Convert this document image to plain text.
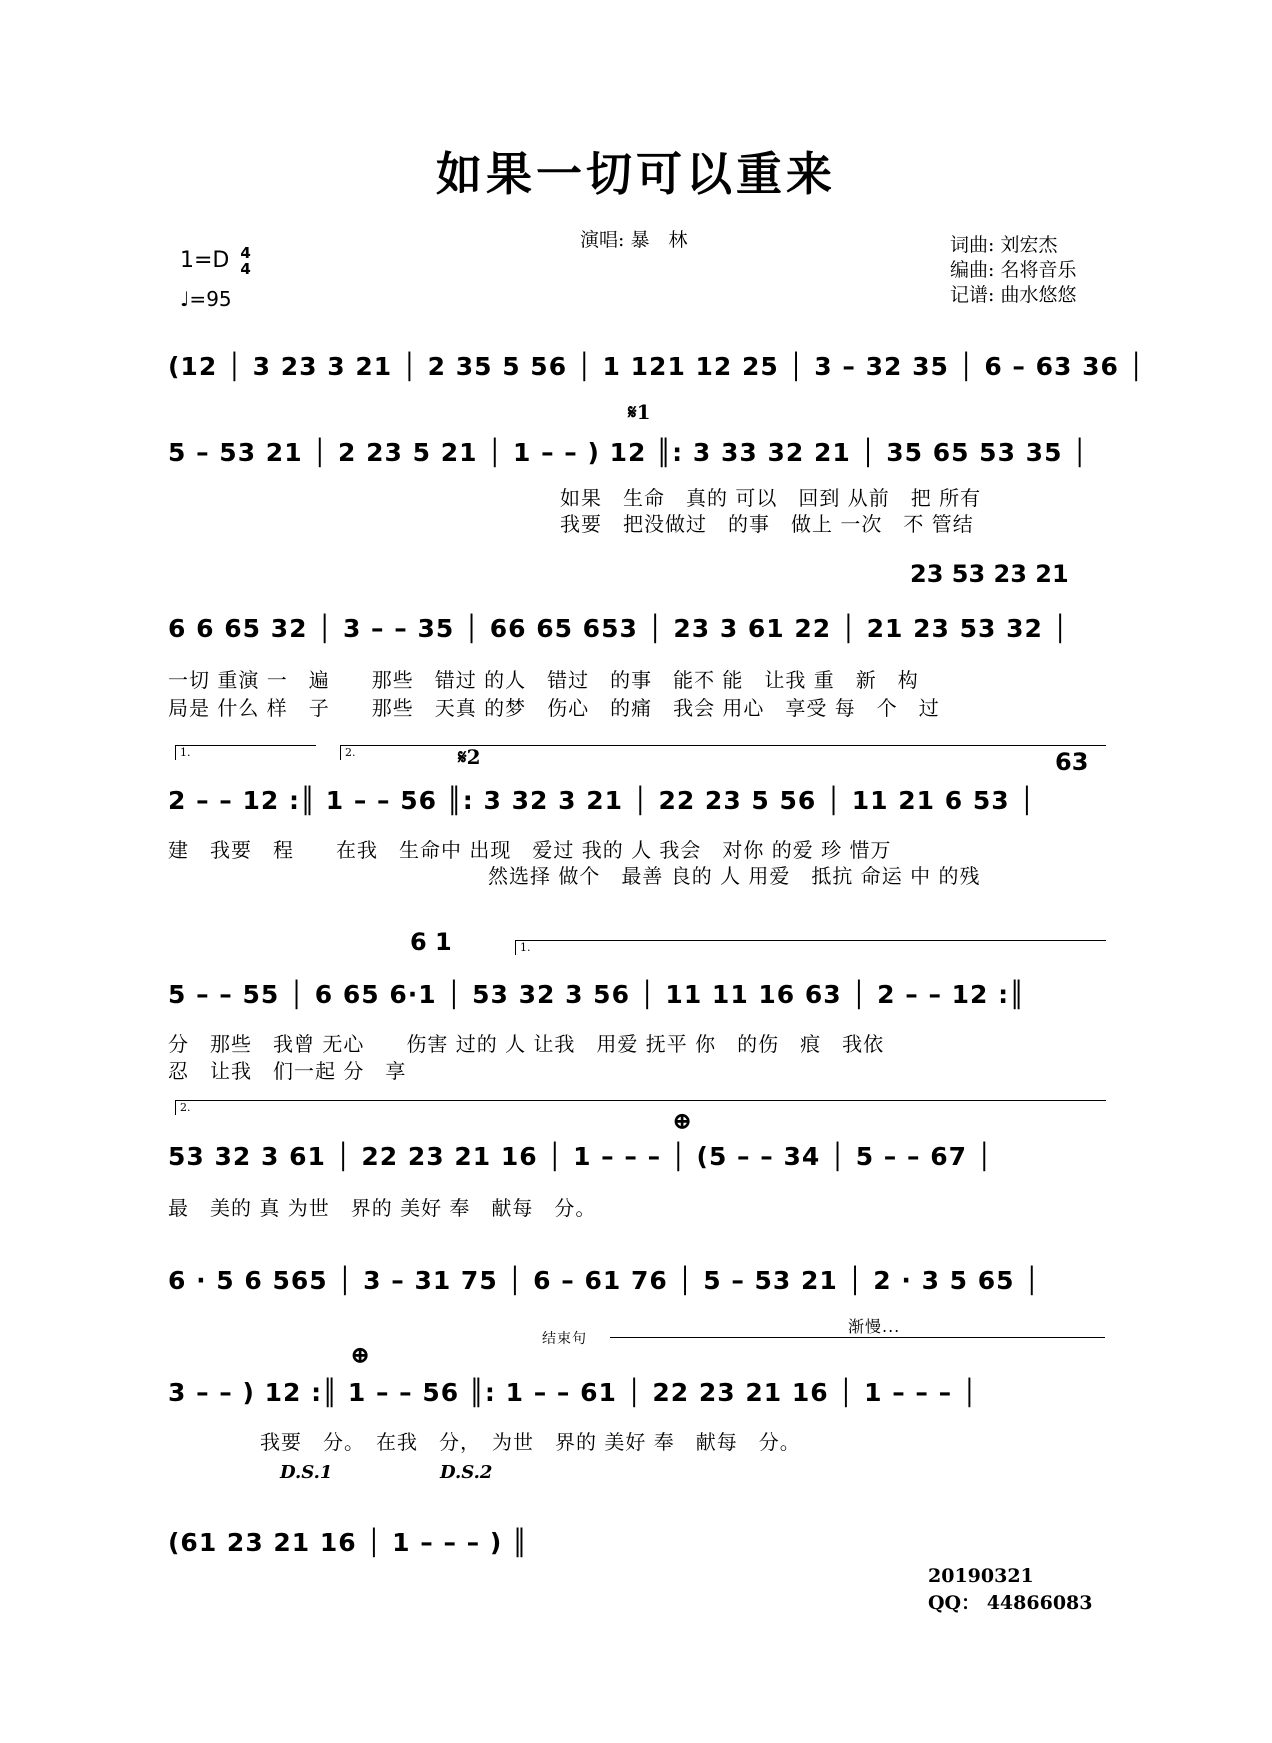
如果一切可以重来
演唱: 暴　林	词曲: 刘宏杰
编曲: 名将音乐
记谱: 曲水悠悠
1=D 4
4
♩=95
(12 │ 3 23 3 21 │ 2 35 5 56 │ 1 121 12 25 │ 3 – 32 35 │ 6 – 63 36 │
𝄋1
5 – 53 21 │ 2 23 5 21 │ 1 – – ) 12 ║: 3 33 32 21 │ 35 65 53 35 │
如果　生命　真的 可以　回到 从前　把 所有
我要　把没做过　的事　做上 一次　不 管结
23 53 23 21
6 6 65 32 │ 3 – – 35 │ 66 65 653 │ 23 3 61 22 │ 21 23 53 32 │
一切 重演 一　遍　　那些　错过 的人　错过　的事　能不 能　让我 重　新　构
局是 什么 样　子　　那些　天真 的梦　伤心　的痛　我会 用心　享受 每　个　过
1.	2.	𝄋2	63
2 – – 12 :║ 1 – – 56 ║: 3 32 3 21 │ 22 23 5 56 │ 11 21 6 53 │
建　我要　程　　在我　生命中 出现　爱过 我的 人 我会　对你 的爱 珍 惜万
然选择 做个　最善 良的 人 用爱　抵抗 命运 中 的残
6 1	1.
5 – – 55 │ 6 65 6·1 │ 53 32 3 56 │ 11 11 16 63 │ 2 – – 12 :║
分　那些　我曾 无心　　伤害 过的 人 让我　用爱 抚平 你　的伤　痕　我依
忍　让我　们一起 分　享
2.	⊕
53 32 3 61 │ 22 23 21 16 │ 1 – – – │ (5 – – 34 │ 5 – – 67 │
最　美的 真 为世　界的 美好 奉　献每　分。
6 · 5 6 565 │ 3 – 31 75 │ 6 – 61 76 │ 5 – 53 21 │ 2 · 3 5 65 │
结束句
渐慢...
⊕
3 – – ) 12 :║ 1 – – 56 ║: 1 – – 61 │ 22 23 21 16 │ 1 – – – │
我要　分。　在我　分，　为世　界的 美好 奉　献每　分。
D.S.1	D.S.2
(61 23 21 16 │ 1 – – – ) ║
20190321
QQ： 44866083
